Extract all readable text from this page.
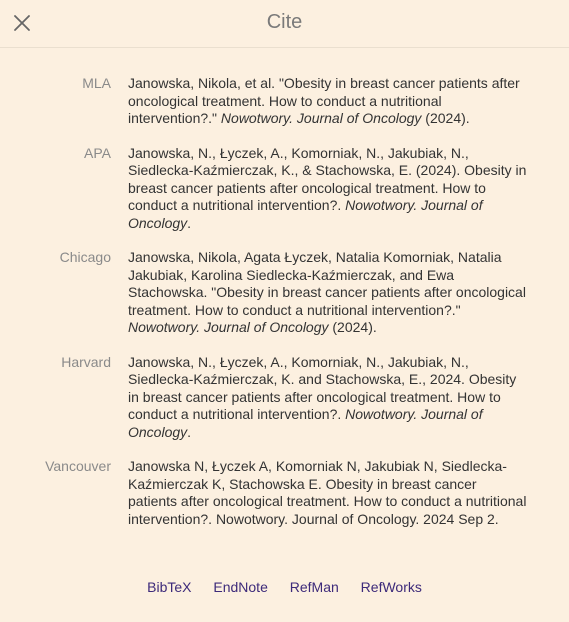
Cite
MLA Janowska, Nikola, et al. "Obesity in breast cancer patients after oncological treatment. How to conduct a nutritional intervention?." Nowotwory. Journal of Oncology (2024).
APA Janowska, N., Łyczek, A., Komorniak, N., Jakubiak, N., Siedlecka-Kaźmierczak, K., & Stachowska, E. (2024). Obesity in breast cancer patients after oncological treatment. How to conduct a nutritional intervention?. Nowotwory. Journal of Oncology.
Chicago Janowska, Nikola, Agata Łyczek, Natalia Komorniak, Natalia Jakubiak, Karolina Siedlecka-Kaźmierczak, and Ewa Stachowska. "Obesity in breast cancer patients after oncological treatment. How to conduct a nutritional intervention?." Nowotwory. Journal of Oncology (2024).
Harvard Janowska, N., Łyczek, A., Komorniak, N., Jakubiak, N., Siedlecka-Kaźmierczak, K. and Stachowska, E., 2024. Obesity in breast cancer patients after oncological treatment. How to conduct a nutritional intervention?. Nowotwory. Journal of Oncology.
Vancouver Janowska N, Łyczek A, Komorniak N, Jakubiak N, Siedlecka-Kaźmierczak K, Stachowska E. Obesity in breast cancer patients after oncological treatment. How to conduct a nutritional intervention?. Nowotwory. Journal of Oncology. 2024 Sep 2.
BibTeX EndNote RefMan RefWorks
